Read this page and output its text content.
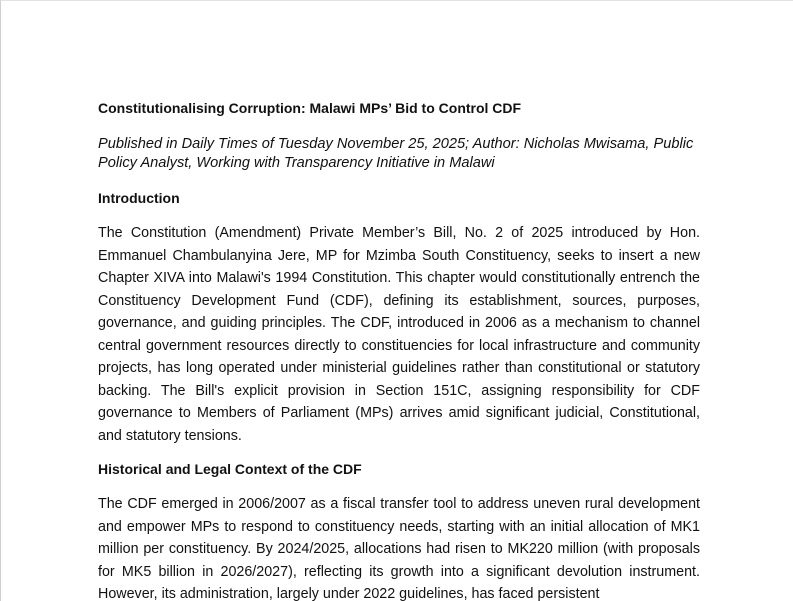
Constitutionalising Corruption: Malawi MPs’ Bid to Control CDF
Published in Daily Times of Tuesday November 25, 2025; Author: Nicholas Mwisama, Public Policy Analyst, Working with Transparency Initiative in Malawi
Introduction
The Constitution (Amendment) Private Member’s Bill, No. 2 of 2025 introduced by Hon. Emmanuel Chambulanyina Jere, MP for Mzimba South Constituency, seeks to insert a new Chapter XIVA into Malawi's 1994 Constitution. This chapter would constitutionally entrench the Constituency Development Fund (CDF), defining its establishment, sources, purposes, governance, and guiding principles. The CDF, introduced in 2006 as a mechanism to channel central government resources directly to constituencies for local infrastructure and community projects, has long operated under ministerial guidelines rather than constitutional or statutory backing. The Bill's explicit provision in Section 151C, assigning responsibility for CDF governance to Members of Parliament (MPs) arrives amid significant judicial, Constitutional, and statutory tensions.
Historical and Legal Context of the CDF
The CDF emerged in 2006/2007 as a fiscal transfer tool to address uneven rural development and empower MPs to respond to constituency needs, starting with an initial allocation of MK1 million per constituency. By 2024/2025, allocations had risen to MK220 million (with proposals for MK5 billion in 2026/2027), reflecting its growth into a significant devolution instrument. However, its administration, largely under 2022 guidelines, has faced persistent
